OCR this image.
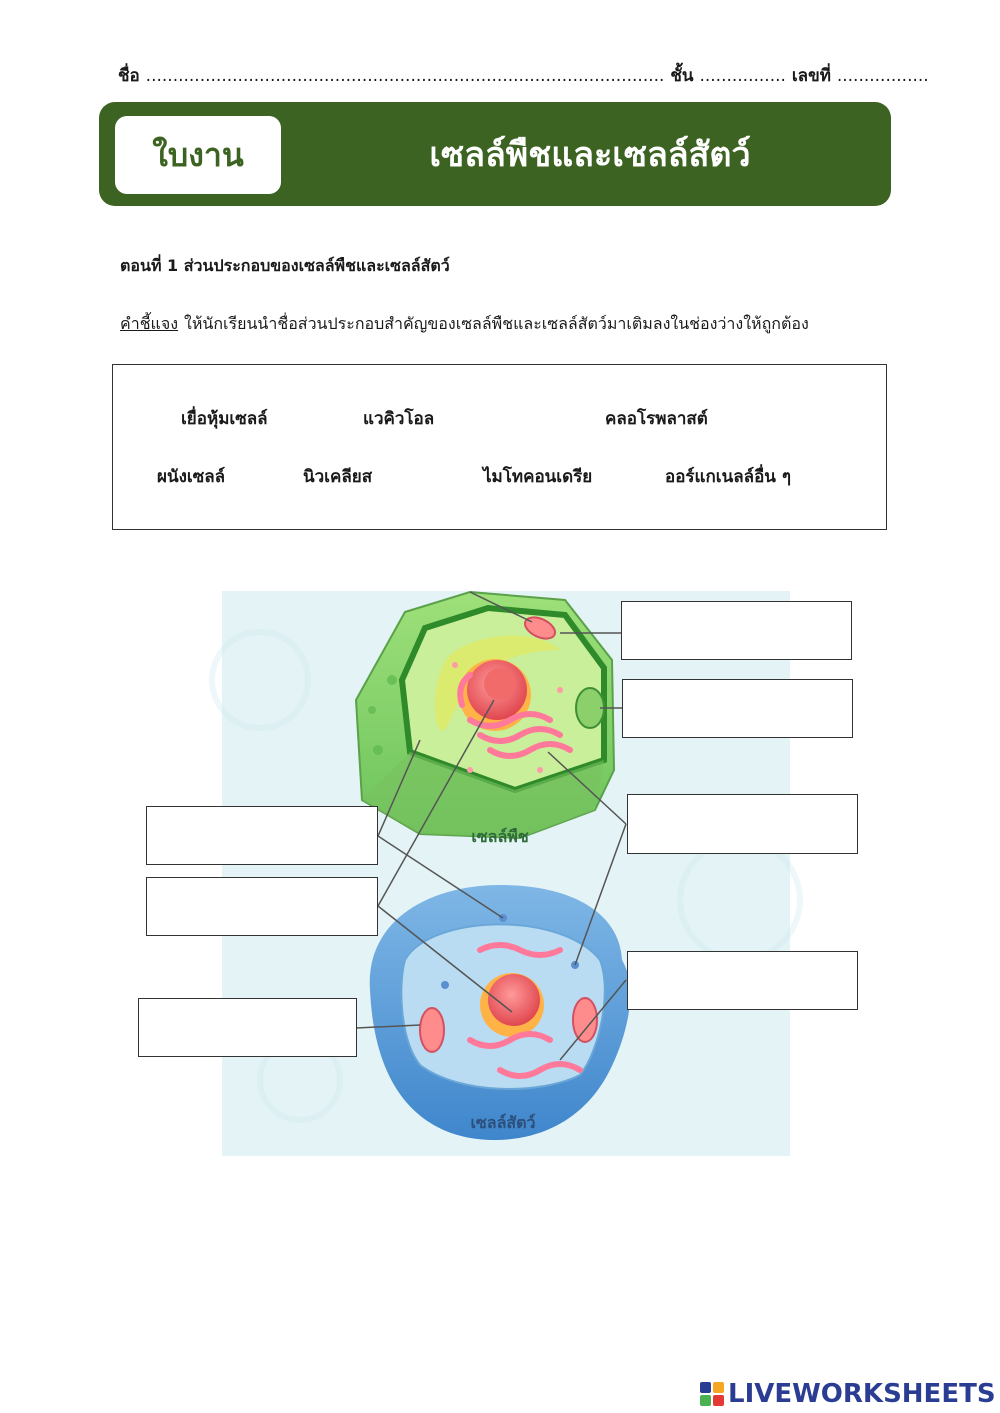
ชื่อ ................................................................................................ ชั้น ................ เลขที่ .................
ใบงาน	เซลล์พืชและเซลล์สัตว์
ตอนที่ 1 ส่วนประกอบของเซลล์พืชและเซลล์สัตว์
คำชี้แจง ให้นักเรียนนำชื่อส่วนประกอบสำคัญของเซลล์พืชและเซลล์สัตว์มาเติมลงในช่องว่างให้ถูกต้อง
เยื่อหุ้มเซลล์	แวคิวโอล	คลอโรพลาสต์
ผนังเซลล์	นิวเคลียส	ไมโทคอนเดรีย	ออร์แกเนลล์อื่น ๆ
เซลล์พืช
เซลล์สัตว์
LIVEWORKSHEETS
